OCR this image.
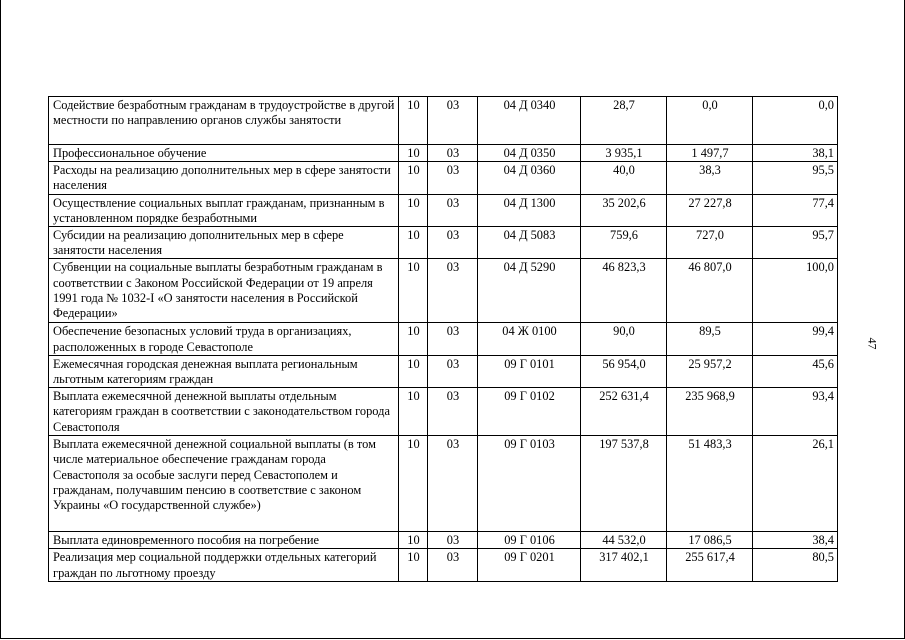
Содействие безработным гражданам в трудоустройстве в другой местности по направлению органов службы занятости	10	03	04 Д 0340	28,7	0,0	0,0
Профессиональное обучение	10	03	04 Д 0350	3 935,1	1 497,7	38,1
Расходы на реализацию дополнительных мер в сфере занятости населения	10	03	04 Д 0360	40,0	38,3	95,5
Осуществление социальных выплат гражданам, признанным в установленном порядке безработными	10	03	04 Д 1300	35 202,6	27 227,8	77,4
Субсидии на реализацию дополнительных мер в сфере занятости населения	10	03	04 Д 5083	759,6	727,0	95,7
Субвенции на социальные выплаты безработным гражданам в соответствии с Законом Российской Федерации от 19 апреля 1991 года № 1032-I «О занятости населения в Российской Федерации»	10	03	04 Д 5290	46 823,3	46 807,0	100,0
Обеспечение безопасных условий труда в организациях, расположенных в городе Севастополе	10	03	04 Ж 0100	90,0	89,5	99,4
Ежемесячная городская денежная выплата региональным льготным категориям граждан	10	03	09 Г 0101	56 954,0	25 957,2	45,6
Выплата ежемесячной денежной выплаты отдельным категориям граждан в соответствии с законодательством города Севастополя	10	03	09 Г 0102	252 631,4	235 968,9	93,4
Выплата ежемесячной денежной социальной выплаты (в том числе материальное обеспечение гражданам города Севастополя за особые заслуги перед Севастополем и гражданам, получавшим пенсию в соответствие с законом Украины «О государственной службе»)	10	03	09 Г 0103	197 537,8	51 483,3	26,1
Выплата единовременного пособия на погребение	10	03	09 Г 0106	44 532,0	17 086,5	38,4
Реализация мер социальной поддержки отдельных категорий граждан по льготному проезду	10	03	09 Г 0201	317 402,1	255 617,4	80,5
47
